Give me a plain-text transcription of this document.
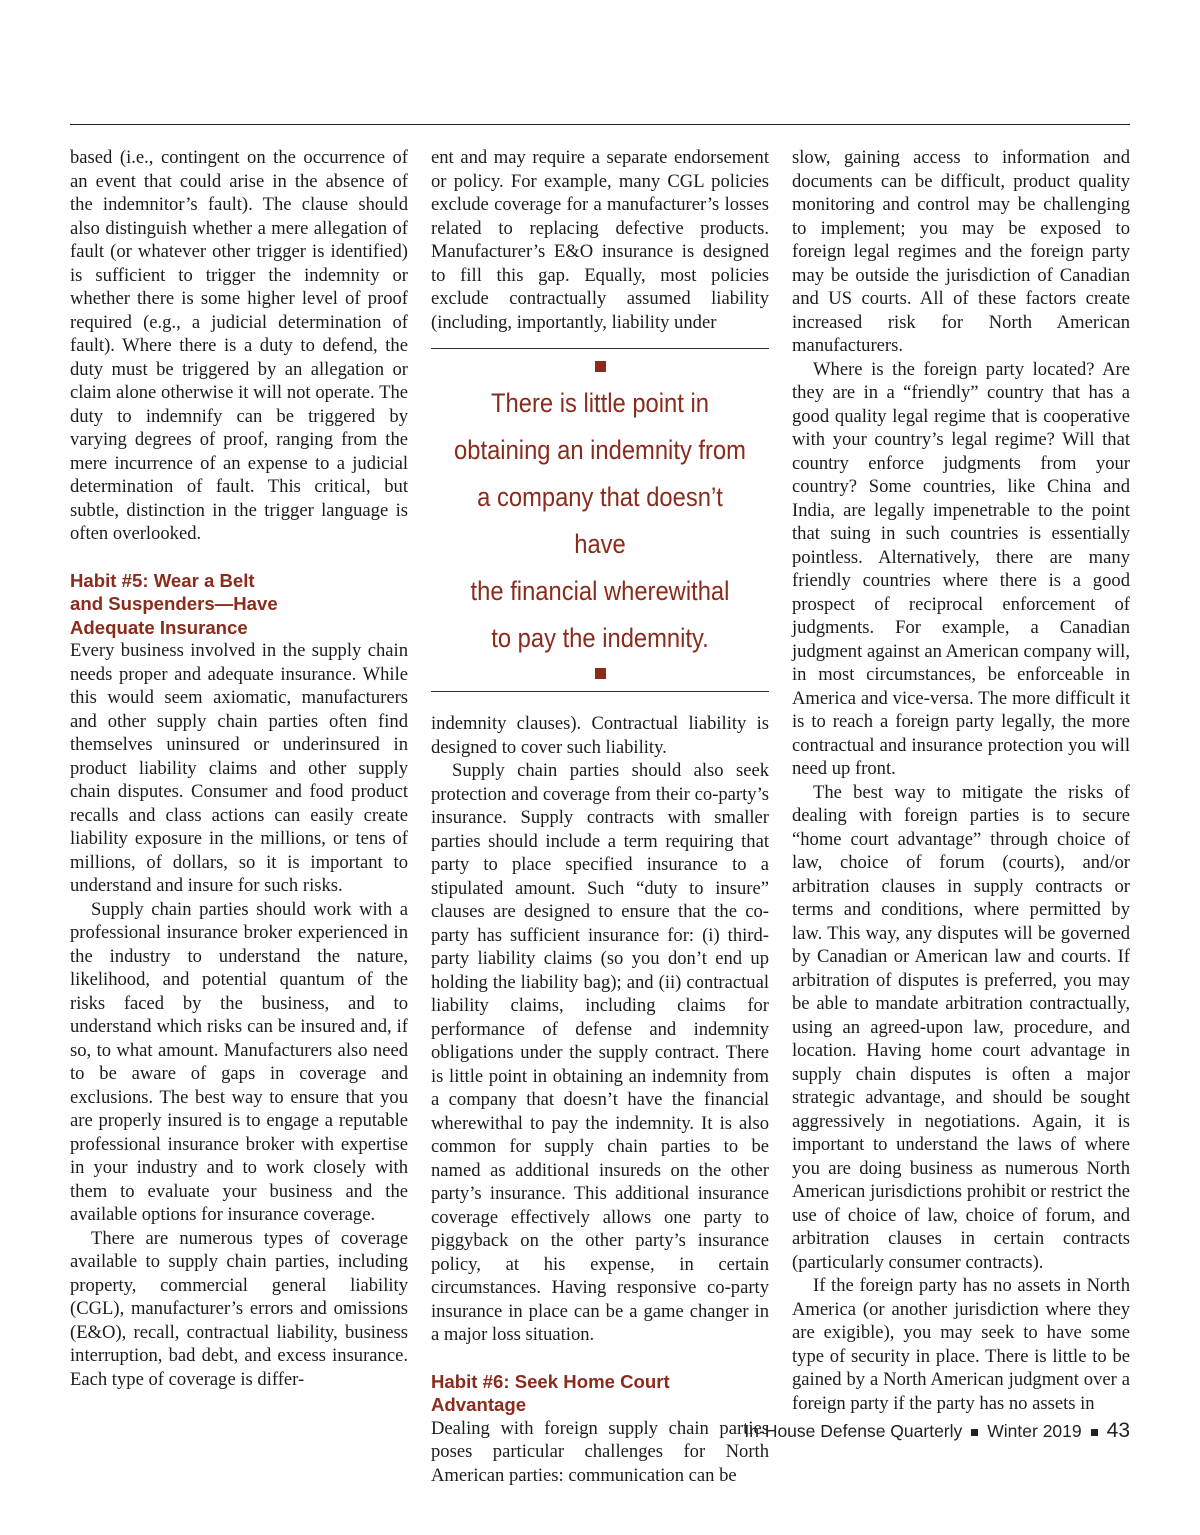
based (i.e., contingent on the occurrence of an event that could arise in the absence of the indemnitor’s fault). The clause should also distinguish whether a mere allegation of fault (or whatever other trigger is identified) is sufficient to trigger the indemnity or whether there is some higher level of proof required (e.g., a judicial determination of fault). Where there is a duty to defend, the duty must be triggered by an allegation or claim alone otherwise it will not operate. The duty to indemnify can be triggered by varying degrees of proof, ranging from the mere incurrence of an expense to a judicial determination of fault. This critical, but subtle, distinction in the trigger language is often overlooked.

Habit #5: Wear a Belt
and Suspenders—Have
Adequate Insurance

Every business involved in the supply chain needs proper and adequate insurance. While this would seem axiomatic, manufacturers and other supply chain parties often find themselves uninsured or underinsured in product liability claims and other supply chain disputes. Consumer and food product recalls and class actions can easily create liability exposure in the millions, or tens of millions, of dollars, so it is important to understand and insure for such risks.

Supply chain parties should work with a professional insurance broker experienced in the industry to understand the nature, likelihood, and potential quantum of the risks faced by the business, and to understand which risks can be insured and, if so, to what amount. Manufacturers also need to be aware of gaps in coverage and exclusions. The best way to ensure that you are properly insured is to engage a reputable professional insurance broker with expertise in your industry and to work closely with them to evaluate your business and the available options for insurance coverage.

There are numerous types of coverage available to supply chain parties, including property, commercial general liability (CGL), manufacturer’s errors and omissions (E&O), recall, contractual liability, business interruption, bad debt, and excess insurance. Each type of coverage is differ-

ent and may require a separate endorsement or policy. For example, many CGL policies exclude coverage for a manufacturer’s losses related to replacing defective products. Manufacturer’s E&O insurance is designed to fill this gap. Equally, most policies exclude contractually assumed liability (including, importantly, liability under

There is little point in
obtaining an indemnity from
a company that doesn’t have
the financial wherewithal
to pay the indemnity.

indemnity clauses). Contractual liability is designed to cover such liability.

Supply chain parties should also seek protection and coverage from their co-party’s insurance. Supply contracts with smaller parties should include a term requiring that party to place specified insurance to a stipulated amount. Such “duty to insure” clauses are designed to ensure that the co-party has sufficient insurance for: (i) third-party liability claims (so you don’t end up holding the liability bag); and (ii) contractual liability claims, including claims for performance of defense and indemnity obligations under the supply contract. There is little point in obtaining an indemnity from a company that doesn’t have the financial wherewithal to pay the indemnity. It is also common for supply chain parties to be named as additional insureds on the other party’s insurance. This additional insurance coverage effectively allows one party to piggyback on the other party’s insurance policy, at his expense, in certain circumstances. Having responsive co-party insurance in place can be a game changer in a major loss situation.

Habit #6: Seek Home Court Advantage

Dealing with foreign supply chain parties poses particular challenges for North American parties: communication can be

slow, gaining access to information and documents can be difficult, product quality monitoring and control may be challenging to implement; you may be exposed to foreign legal regimes and the foreign party may be outside the jurisdiction of Canadian and US courts. All of these factors create increased risk for North American manufacturers.

Where is the foreign party located? Are they are in a “friendly” country that has a good quality legal regime that is cooperative with your country’s legal regime? Will that country enforce judgments from your country? Some countries, like China and India, are legally impenetrable to the point that suing in such countries is essentially pointless. Alternatively, there are many friendly countries where there is a good prospect of reciprocal enforcement of judgments. For example, a Canadian judgment against an American company will, in most circumstances, be enforceable in America and vice-versa. The more difficult it is to reach a foreign party legally, the more contractual and insurance protection you will need up front.

The best way to mitigate the risks of dealing with foreign parties is to secure “home court advantage” through choice of law, choice of forum (courts), and/or arbitration clauses in supply contracts or terms and conditions, where permitted by law. This way, any disputes will be governed by Canadian or American law and courts. If arbitration of disputes is preferred, you may be able to mandate arbitration contractually, using an agreed-upon law, procedure, and location. Having home court advantage in supply chain disputes is often a major strategic advantage, and should be sought aggressively in negotiations. Again, it is important to understand the laws of where you are doing business as numerous North American jurisdictions prohibit or restrict the use of choice of law, choice of forum, and arbitration clauses in certain contracts (particularly consumer contracts).

If the foreign party has no assets in North America (or another jurisdiction where they are exigible), you may seek to have some type of security in place. There is little to be gained by a North American judgment over a foreign party if the party has no assets in

In-House Defense Quarterly Winter 2019 43
